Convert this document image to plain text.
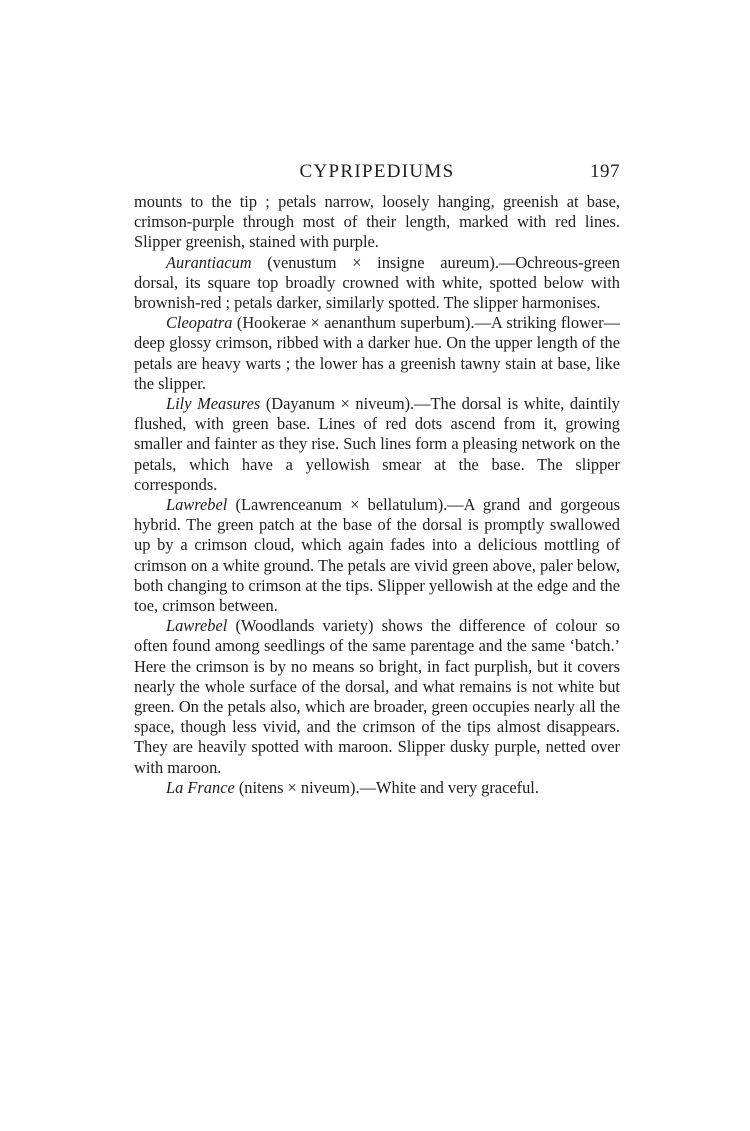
CYPRIPEDIUMS	197

mounts to the tip ; petals narrow, loosely hanging, greenish at base, crimson-purple through most of their length, marked with red lines. Slipper greenish, stained with purple.

Aurantiacum (venustum × insigne aureum).—Ochreous-green dorsal, its square top broadly crowned with white, spotted below with brownish-red ; petals darker, similarly spotted. The slipper harmonises.

Cleopatra (Hookerae × aenanthum superbum).—A striking flower—deep glossy crimson, ribbed with a darker hue. On the upper length of the petals are heavy warts ; the lower has a greenish tawny stain at base, like the slipper.

Lily Measures (Dayanum × niveum).—The dorsal is white, daintily flushed, with green base. Lines of red dots ascend from it, growing smaller and fainter as they rise. Such lines form a pleasing network on the petals, which have a yellowish smear at the base. The slipper corresponds.

Lawrebel (Lawrenceanum × bellatulum).—A grand and gorgeous hybrid. The green patch at the base of the dorsal is promptly swallowed up by a crimson cloud, which again fades into a delicious mottling of crimson on a white ground. The petals are vivid green above, paler below, both changing to crimson at the tips. Slipper yellowish at the edge and the toe, crimson between.

Lawrebel (Woodlands variety) shows the difference of colour so often found among seedlings of the same parentage and the same ‘batch.’ Here the crimson is by no means so bright, in fact purplish, but it covers nearly the whole surface of the dorsal, and what remains is not white but green. On the petals also, which are broader, green occupies nearly all the space, though less vivid, and the crimson of the tips almost disappears. They are heavily spotted with maroon. Slipper dusky purple, netted over with maroon.

La France (nitens × niveum).—White and very graceful.
